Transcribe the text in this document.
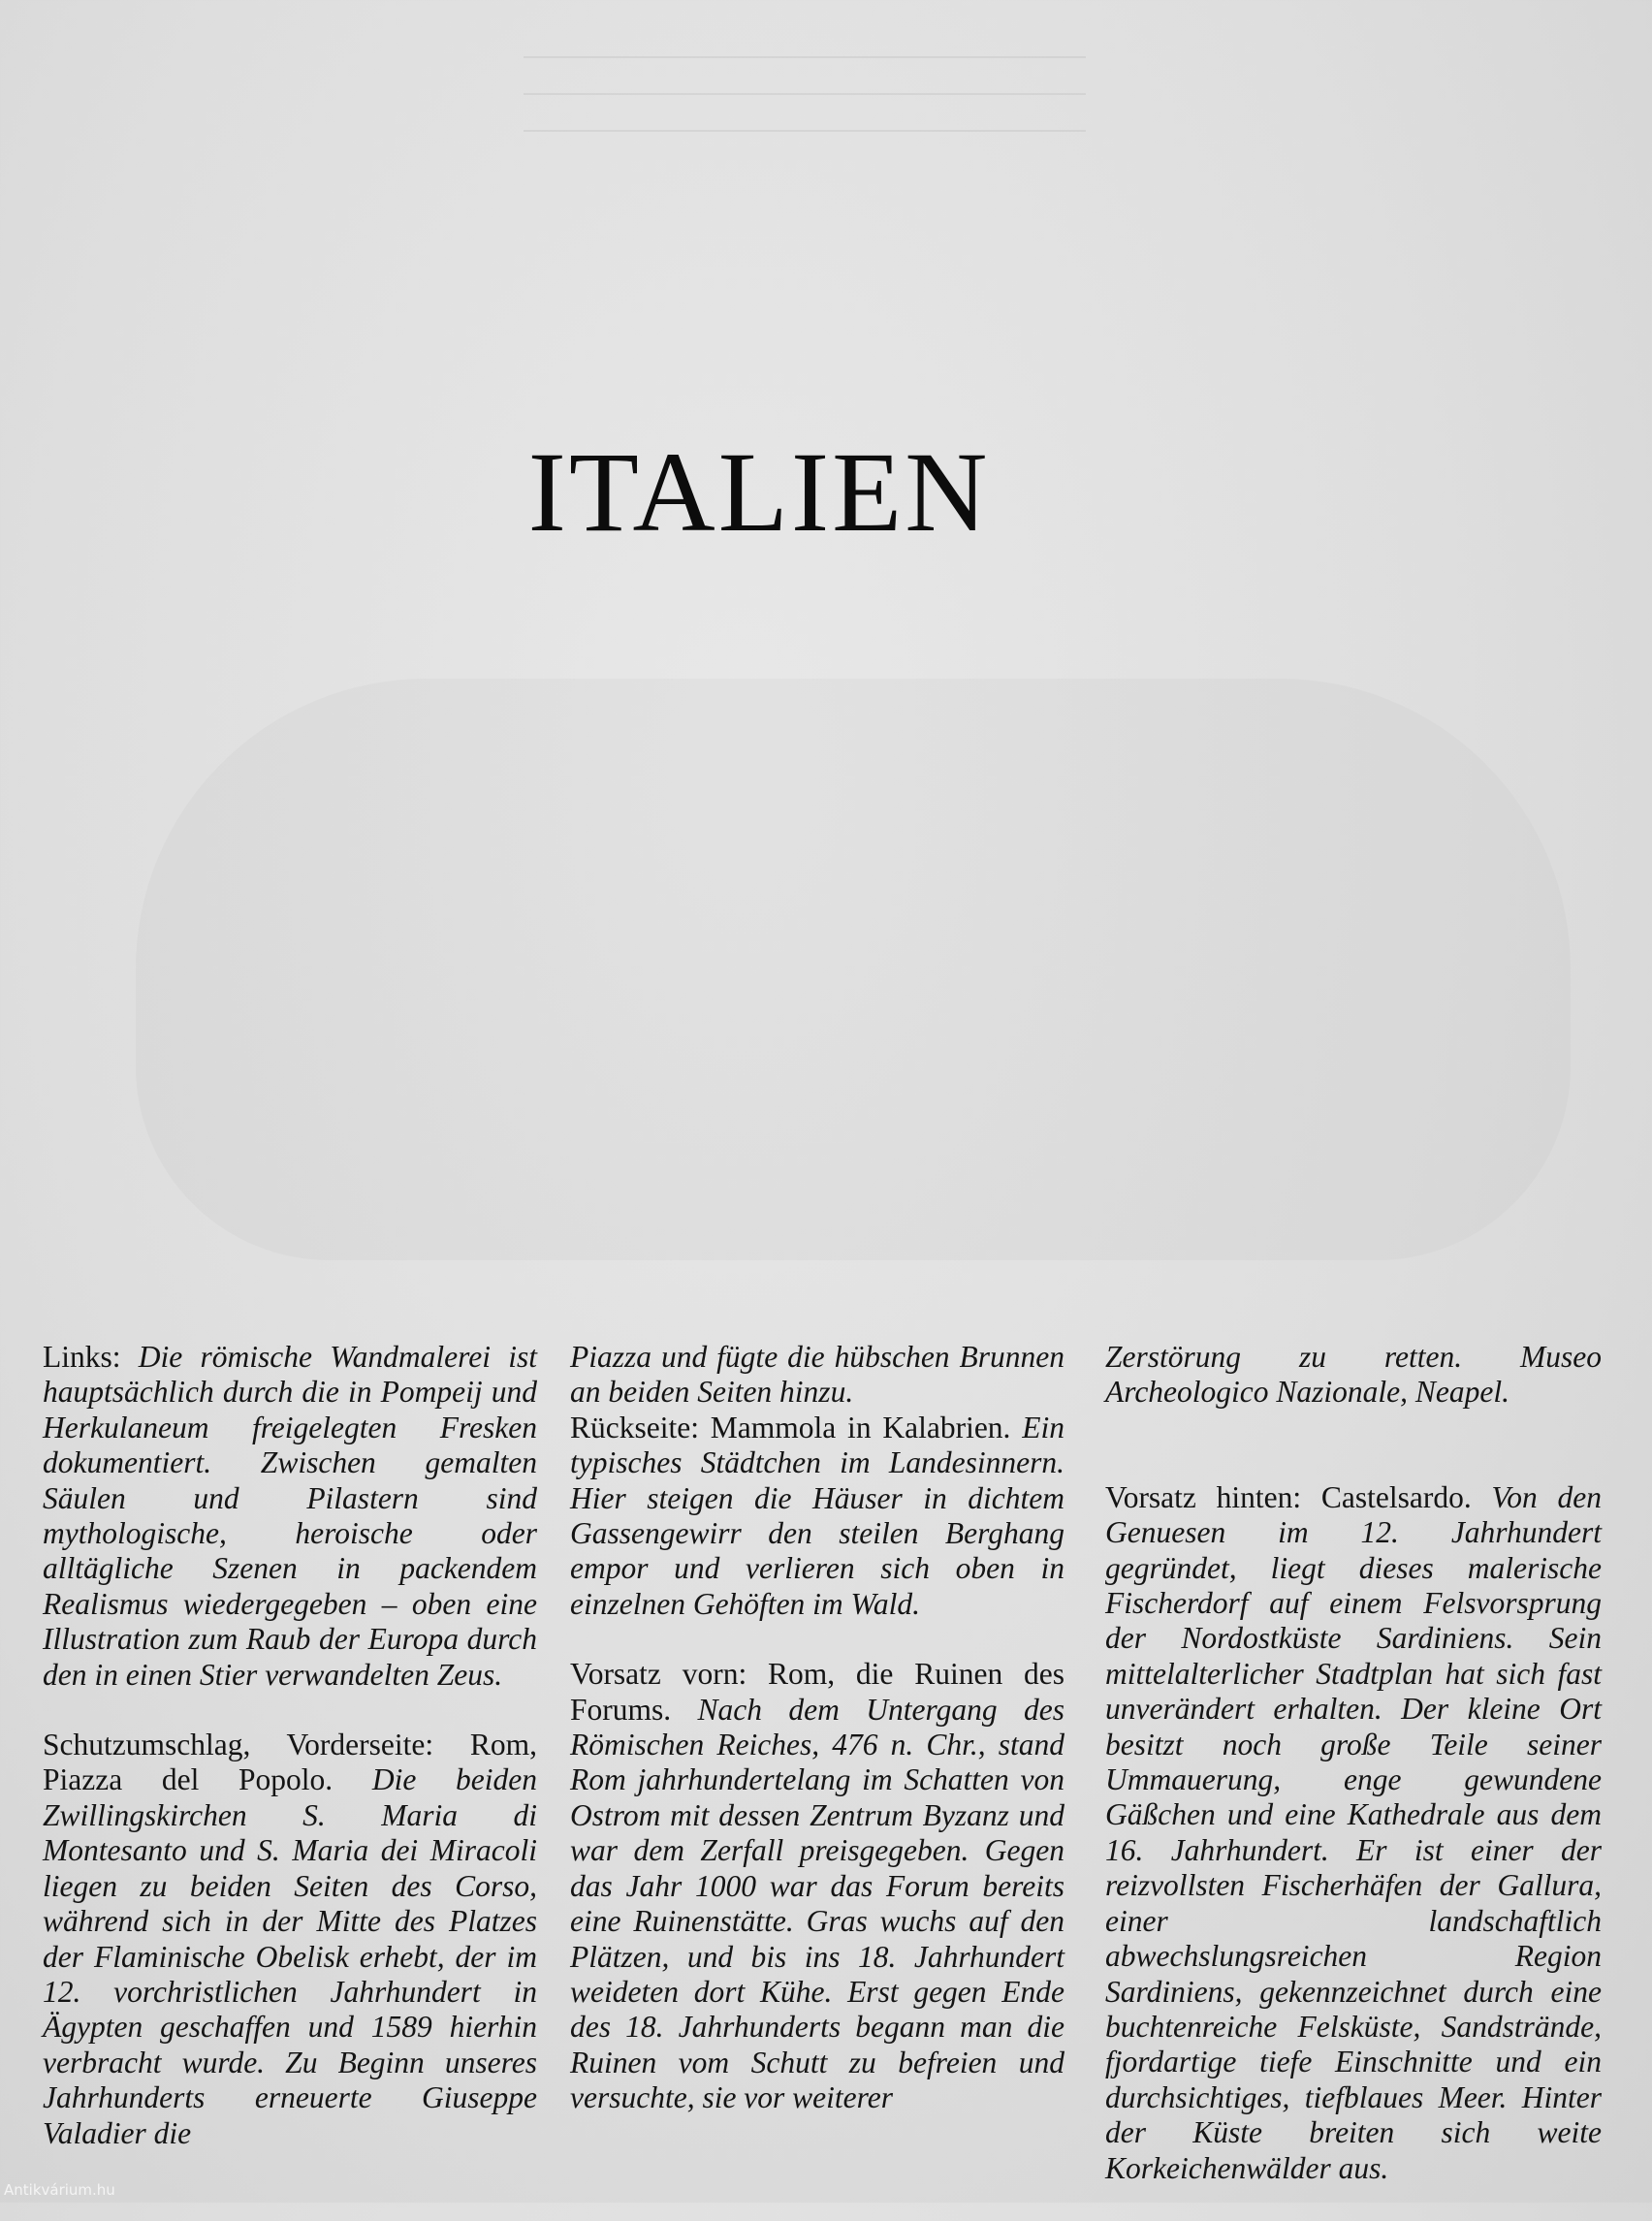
ITALIEN

Links: Die römische Wandmalerei ist hauptsächlich durch die in Pompeij und Herkulaneum freigelegten Fresken dokumentiert. Zwischen gemalten Säulen und Pilastern sind mythologische, heroische oder alltägliche Szenen in packendem Realismus wiedergegeben – oben eine Illustration zum Raub der Europa durch den in einen Stier verwandelten Zeus.

Schutzumschlag, Vorderseite: Rom, Piazza del Popolo. Die beiden Zwillingskirchen S. Maria di Montesanto und S. Maria dei Miracoli liegen zu beiden Seiten des Corso, während sich in der Mitte des Platzes der Flaminische Obelisk erhebt, der im 12. vorchristlichen Jahrhundert in Ägypten geschaffen und 1589 hierhin verbracht wurde. Zu Beginn unseres Jahrhunderts erneuerte Giuseppe Valadier die

Piazza und fügte die hübschen Brunnen an beiden Seiten hinzu.

Rückseite: Mammola in Kalabrien. Ein typisches Städtchen im Landesinnern. Hier steigen die Häuser in dichtem Gassengewirr den steilen Berghang empor und verlieren sich oben in einzelnen Gehöften im Wald.

Vorsatz vorn: Rom, die Ruinen des Forums. Nach dem Untergang des Römischen Reiches, 476 n. Chr., stand Rom jahrhundertelang im Schatten von Ostrom mit dessen Zentrum Byzanz und war dem Zerfall preisgegeben. Gegen das Jahr 1000 war das Forum bereits eine Ruinenstätte. Gras wuchs auf den Plätzen, und bis ins 18. Jahrhundert weideten dort Kühe. Erst gegen Ende des 18. Jahrhunderts begann man die Ruinen vom Schutt zu befreien und versuchte, sie vor weiterer

Zerstörung zu retten. Museo Archeologico Nazionale, Neapel.

Vorsatz hinten: Castelsardo. Von den Genuesen im 12. Jahrhundert gegründet, liegt dieses malerische Fischerdorf auf einem Felsvorsprung der Nordostküste Sardiniens. Sein mittelalterlicher Stadtplan hat sich fast unverändert erhalten. Der kleine Ort besitzt noch große Teile seiner Ummauerung, enge gewundene Gäßchen und eine Kathedrale aus dem 16. Jahrhundert. Er ist einer der reizvollsten Fischerhäfen der Gallura, einer landschaftlich abwechslungsreichen Region Sardiniens, gekennzeichnet durch eine buchtenreiche Felsküste, Sandstrände, fjordartige tiefe Einschnitte und ein durchsichtiges, tiefblaues Meer. Hinter der Küste breiten sich weite Korkeichenwälder aus.

Antikvárium.hu
